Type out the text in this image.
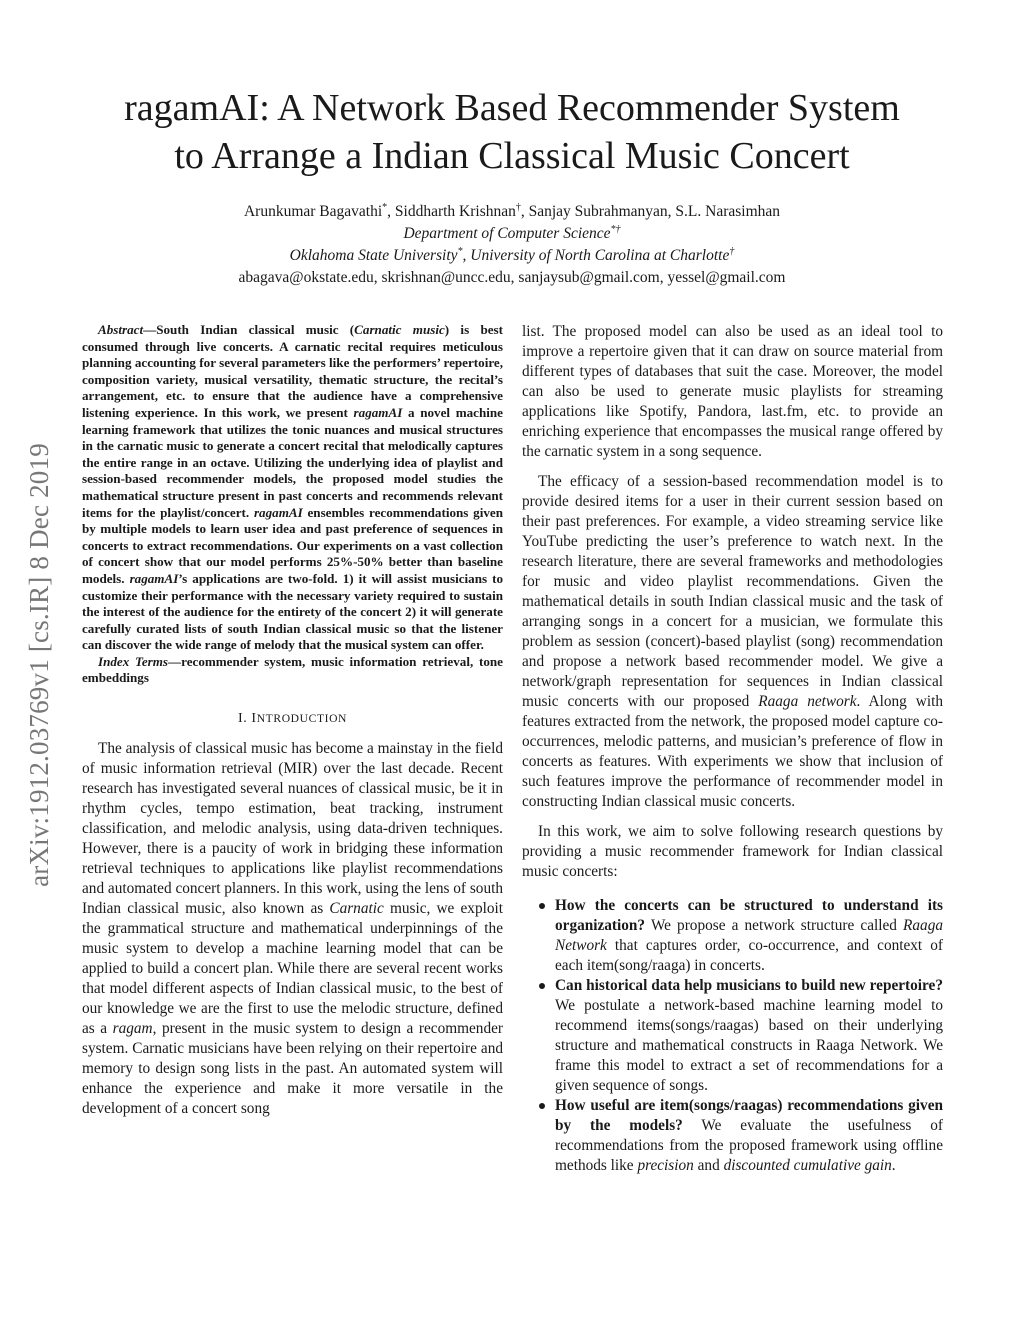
ragamAI: A Network Based Recommender System
to Arrange a Indian Classical Music Concert
Arunkumar Bagavathi*, Siddharth Krishnan†, Sanjay Subrahmanyan, S.L. Narasimhan
Department of Computer Science*†
Oklahoma State University*, University of North Carolina at Charlotte†
abagava@okstate.edu, skrishnan@uncc.edu, sanjaysub@gmail.com, yessel@gmail.com
arXiv:1912.03769v1 [cs.IR] 8 Dec 2019

Abstract—South Indian classical music (Carnatic music) is best consumed through live concerts. A carnatic recital requires meticulous planning accounting for several parameters like the performers’ repertoire, composition variety, musical versatility, thematic structure, the recital’s arrangement, etc. to ensure that the audience have a comprehensive listening experience. In this work, we present ragamAI a novel machine learning framework that utilizes the tonic nuances and musical structures in the carnatic music to generate a concert recital that melodically captures the entire range in an octave. Utilizing the underlying idea of playlist and session-based recommender models, the proposed model studies the mathematical structure present in past concerts and recommends relevant items for the playlist/concert. ragamAI ensembles recommendations given by multiple models to learn user idea and past preference of sequences in concerts to extract recommendations. Our experiments on a vast collection of concert show that our model performs 25%-50% better than baseline models. ragamAI’s applications are two-fold. 1) it will assist musicians to customize their performance with the necessary variety required to sustain the interest of the audience for the entirety of the concert 2) it will generate carefully curated lists of south Indian classical music so that the listener can discover the wide range of melody that the musical system can offer.

Index Terms—recommender system, music information retrieval, tone embeddings

I. INTRODUCTION

The analysis of classical music has become a mainstay in the field of music information retrieval (MIR) over the last decade. Recent research has investigated several nuances of classical music, be it in rhythm cycles, tempo estimation, beat tracking, instrument classification, and melodic analysis, using data-driven techniques. However, there is a paucity of work in bridging these information retrieval techniques to applications like playlist recommendations and automated concert planners. In this work, using the lens of south Indian classical music, also known as Carnatic music, we exploit the grammatical structure and mathematical underpinnings of the music system to develop a machine learning model that can be applied to build a concert plan. While there are several recent works that model different aspects of Indian classical music, to the best of our knowledge we are the first to use the melodic structure, defined as a ragam, present in the music system to design a recommender system. Carnatic musicians have been relying on their repertoire and memory to design song lists in the past. An automated system will enhance the experience and make it more versatile in the development of a concert song

list. The proposed model can also be used as an ideal tool to improve a repertoire given that it can draw on source material from different types of databases that suit the case. Moreover, the model can also be used to generate music playlists for streaming applications like Spotify, Pandora, last.fm, etc. to provide an enriching experience that encompasses the musical range offered by the carnatic system in a song sequence.

The efficacy of a session-based recommendation model is to provide desired items for a user in their current session based on their past preferences. For example, a video streaming service like YouTube predicting the user’s preference to watch next. In the research literature, there are several frameworks and methodologies for music and video playlist recommendations. Given the mathematical details in south Indian classical music and the task of arranging songs in a concert for a musician, we formulate this problem as session (concert)-based playlist (song) recommendation and propose a network based recommender model. We give a network/graph representation for sequences in Indian classical music concerts with our proposed Raaga network. Along with features extracted from the network, the proposed model capture co-occurrences, melodic patterns, and musician’s preference of flow in concerts as features. With experiments we show that inclusion of such features improve the performance of recommender model in constructing Indian classical music concerts.

In this work, we aim to solve following research questions by providing a music recommender framework for Indian classical music concerts:

How the concerts can be structured to understand its organization? We propose a network structure called Raaga Network that captures order, co-occurrence, and context of each item(song/raaga) in concerts.
Can historical data help musicians to build new repertoire? We postulate a network-based machine learning model to recommend items(songs/raagas) based on their underlying structure and mathematical constructs in Raaga Network. We frame this model to extract a set of recommendations for a given sequence of songs.
How useful are item(songs/raagas) recommendations given by the models? We evaluate the usefulness of recommendations from the proposed framework using offline methods like precision and discounted cumulative gain.
